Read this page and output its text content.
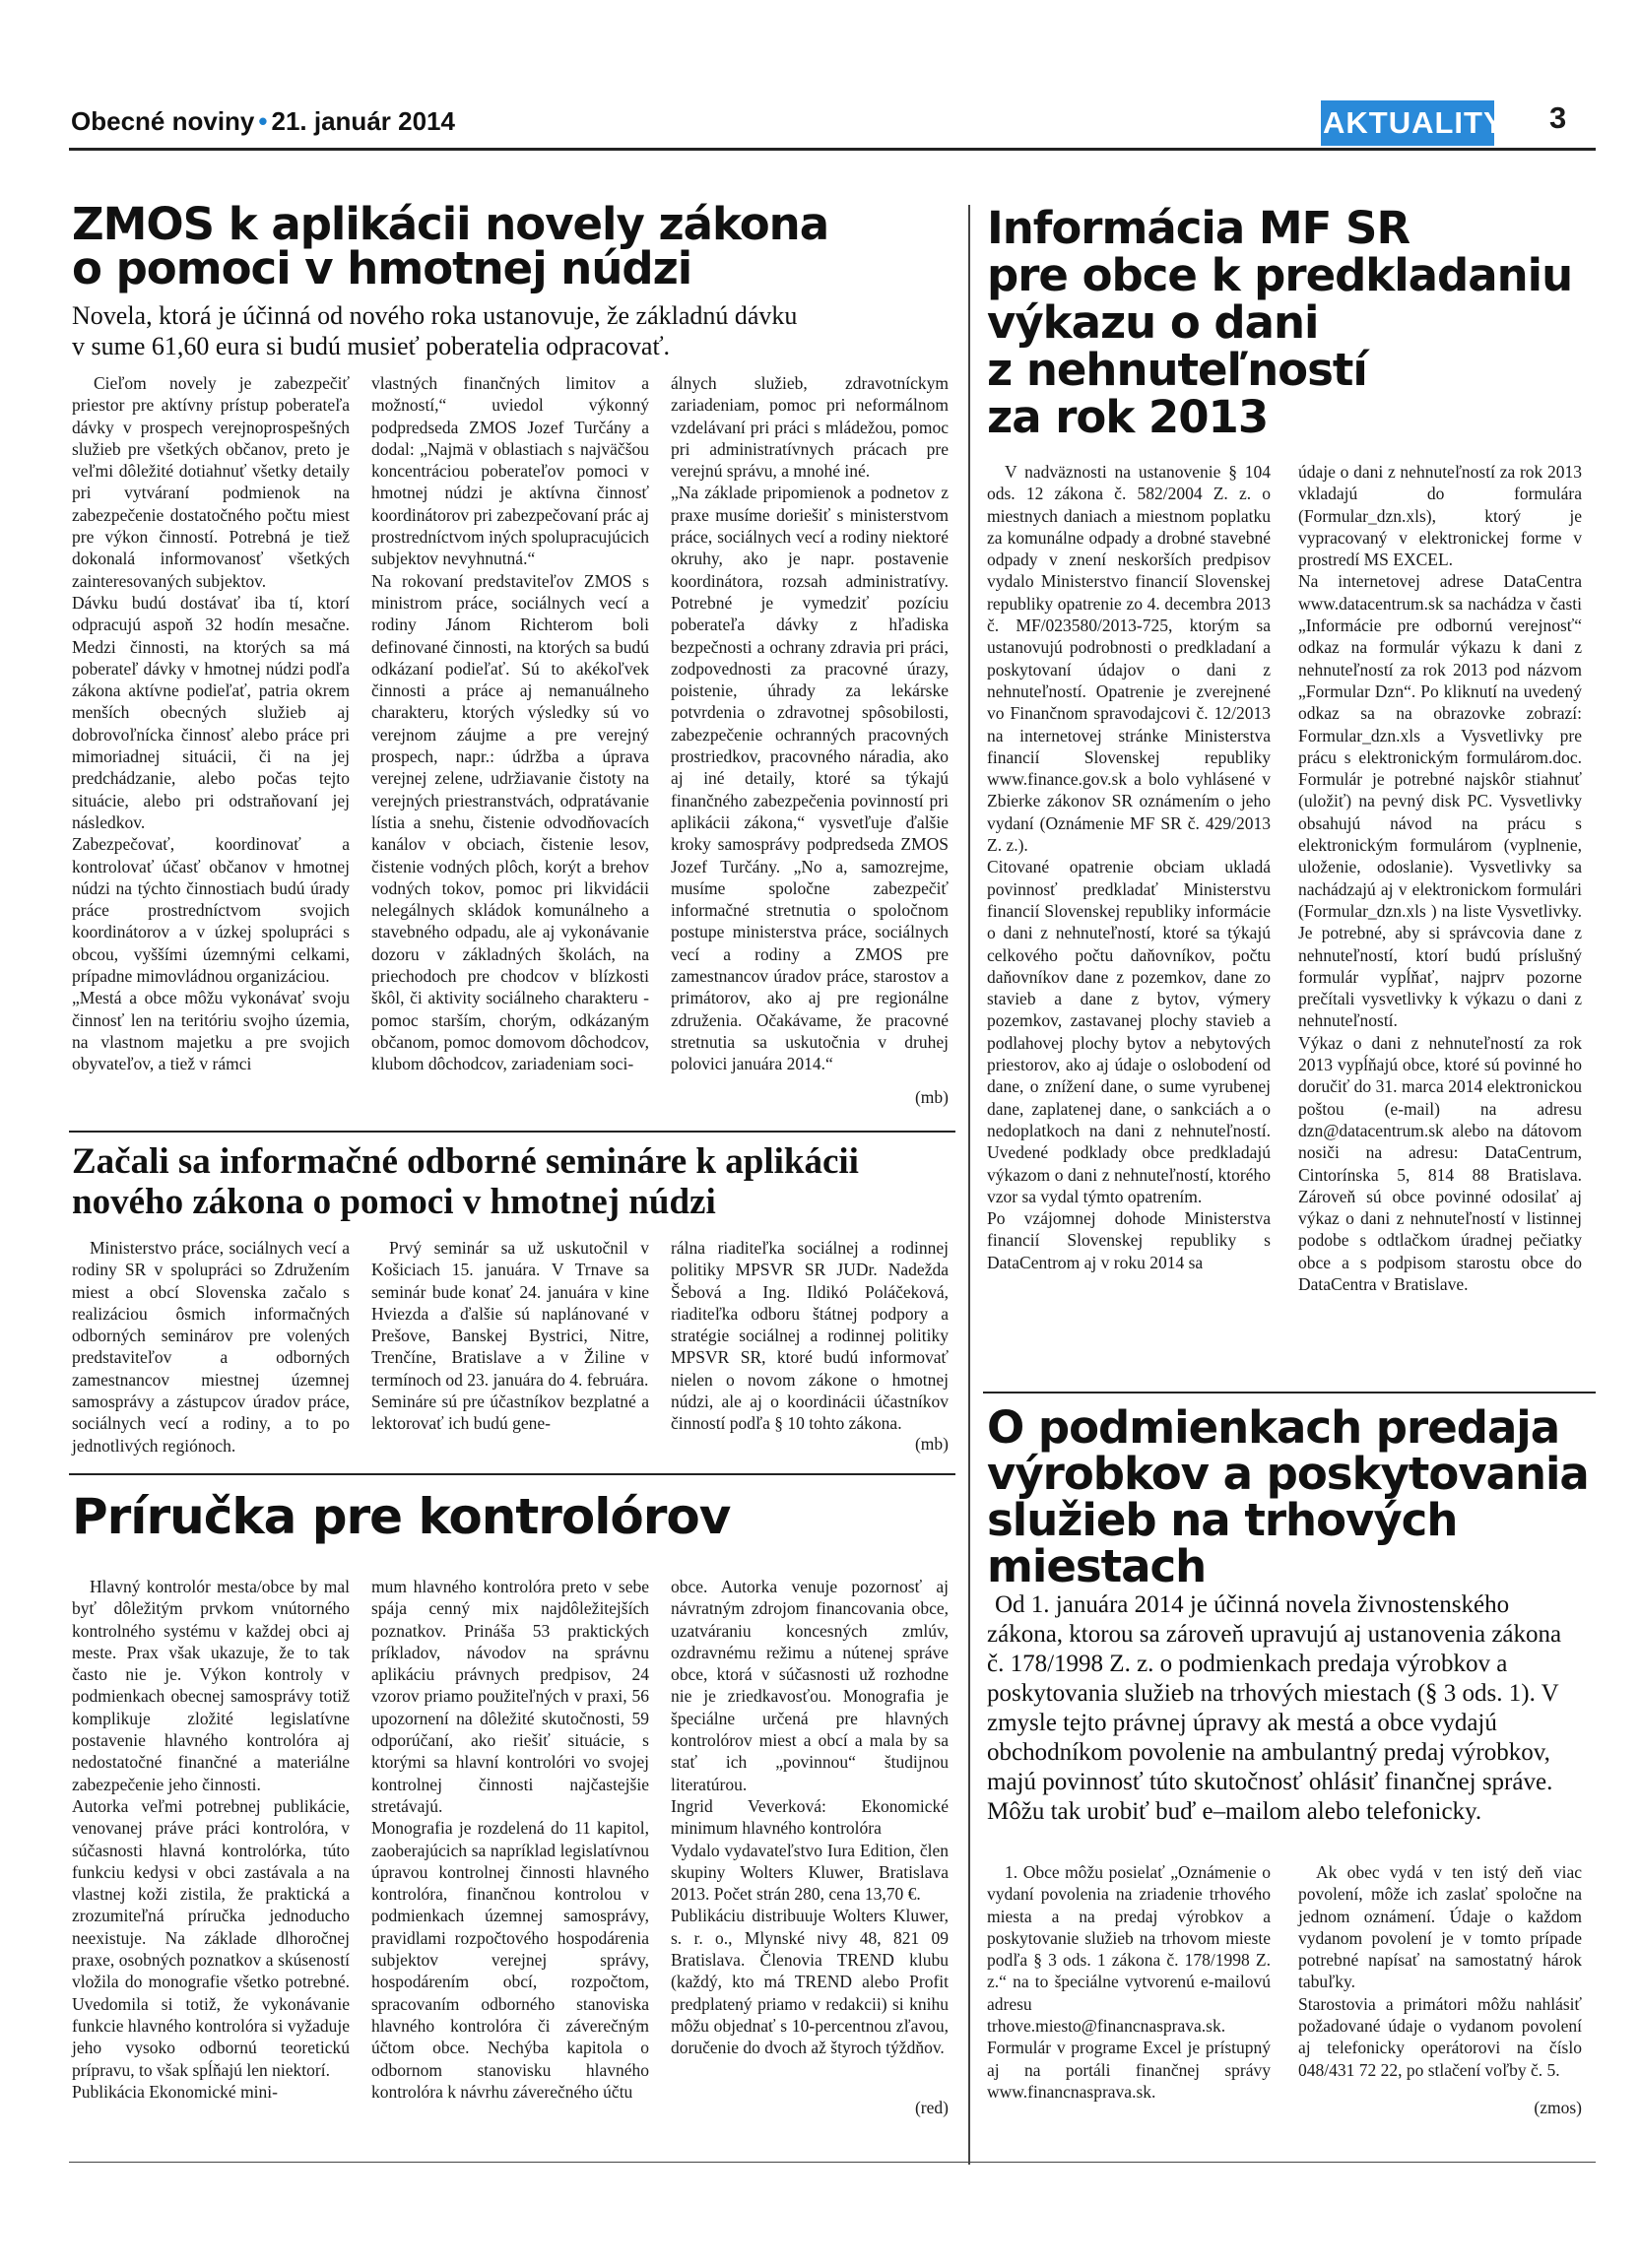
Obecné noviny • 21. január 2014	AKTUALITY 3
ZMOS k aplikácii novely zákona
o pomoci v hmotnej núdzi
Novela, ktorá je účinná od nového roka ustanovuje, že základnú dávku
v sume 61,60 eura si budú musieť poberatelia odpracovať.
Cieľom novely je zabezpečiť priestor pre aktívny prístup poberateľa dávky v prospech verejnoprospešných služieb pre všetkých občanov, preto je veľmi dôležité dotiahnuť všetky detaily pri vytváraní podmienok na zabezpečenie dostatočného počtu miest pre výkon činností. Potrebná je tiež dokonalá informovanosť všetkých zainteresovaných subjektov.
Dávku budú dostávať iba tí, ktorí odpracujú aspoň 32 hodín mesačne. Medzi činnosti, na ktorých sa má poberateľ dávky v hmotnej núdzi podľa zákona aktívne podieľať, patria okrem menších obecných služieb aj dobrovoľnícka činnosť alebo práce pri mimoriadnej situácii, či na jej predchádzanie, alebo počas tejto situácie, alebo pri odstraňovaní jej následkov.
Zabezpečovať, koordinovať a kontrolovať účasť občanov v hmotnej núdzi na týchto činnostiach budú úrady práce prostredníctvom svojich koordinátorov a v úzkej spolupráci s obcou, vyššími územnými celkami, prípadne mimovládnou organizáciou.
„Mestá a obce môžu vykonávať svoju činnosť len na teritóriu svojho územia, na vlastnom majetku a pre svojich obyvateľov, a tiež v rámci
vlastných finančných limitov a možností,“ uviedol výkonný podpredseda ZMOS Jozef Turčány a dodal: „Najmä v oblastiach s najväčšou koncentráciou poberateľov pomoci v hmotnej núdzi je aktívna činnosť koordinátorov pri zabezpečovaní prác aj prostredníctvom iných spolupracujúcich subjektov nevyhnutná.“
Na rokovaní predstaviteľov ZMOS s ministrom práce, sociálnych vecí a rodiny Jánom Richterom boli definované činnosti, na ktorých sa budú odkázaní podieľať. Sú to akékoľvek činnosti a práce aj nemanuálneho charakteru, ktorých výsledky sú vo verejnom záujme a pre verejný prospech, napr.: údržba a úprava verejnej zelene, udržiavanie čistoty na verejných priestranstvách, odpratávanie lístia a snehu, čistenie odvodňovacích kanálov v obciach, čistenie lesov, čistenie vodných plôch, korýt a brehov vodných tokov, pomoc pri likvidácii nelegálnych skládok komunálneho a stavebného odpadu, ale aj vykonávanie dozoru v základných školách, na priechodoch pre chodcov v blízkosti škôl, či aktivity sociálneho charakteru - pomoc starším, chorým, odkázaným občanom, pomoc domovom dôchodcov, klubom dôchodcov, zariadeniam soci-
álnych služieb, zdravotníckym zariadeniam, pomoc pri neformálnom vzdelávaní pri práci s mládežou, pomoc pri administratívnych prácach pre verejnú správu, a mnohé iné.
„Na základe pripomienok a podnetov z praxe musíme doriešiť s ministerstvom práce, sociálnych vecí a rodiny niektoré okruhy, ako je napr. postavenie koordinátora, rozsah administratívy. Potrebné je vymedziť pozíciu poberateľa dávky z hľadiska bezpečnosti a ochrany zdravia pri práci, zodpovednosti za pracovné úrazy, poistenie, úhrady za lekárske potvrdenia o zdravotnej spôsobilosti, zabezpečenie ochranných pracovných prostriedkov, pracovného náradia, ako aj iné detaily, ktoré sa týkajú finančného zabezpečenia povinností pri aplikácii zákona,“ vysvetľuje ďalšie kroky samosprávy podpredseda ZMOS Jozef Turčány. „No a, samozrejme, musíme spoločne zabezpečiť informačné stretnutia o spoločnom postupe ministerstva práce, sociálnych vecí a rodiny a ZMOS pre zamestnancov úradov práce, starostov a primátorov, ako aj pre regionálne združenia. Očakávame, že pracovné stretnutia sa uskutočnia v druhej polovici januára 2014.“
(mb)
Začali sa informačné odborné semináre k aplikácii
nového zákona o pomoci v hmotnej núdzi
Ministerstvo práce, sociálnych vecí a rodiny SR v spolupráci so Združením miest a obcí Slovenska začalo s realizáciou ôsmich informačných odborných seminárov pre volených predstaviteľov a odborných zamestnancov miestnej územnej samosprávy a zástupcov úradov práce, sociálnych vecí a rodiny, a to po jednotlivých regiónoch.
Prvý seminár sa už uskutočnil v Košiciach 15. januára. V Trnave sa seminár bude konať 24. januára v kine Hviezda a ďalšie sú naplánované v Prešove, Banskej Bystrici, Nitre, Trenčíne, Bratislave a v Žiline v termínoch od 23. januára do 4. februára.
Semináre sú pre účastníkov bezplatné a lektorovať ich budú gene-
rálna riaditeľka sociálnej a rodinnej politiky MPSVR SR JUDr. Nadežda Šebová a Ing. Ildikó Poláčeková, riaditeľka odboru štátnej podpory a stratégie sociálnej a rodinnej politiky MPSVR SR, ktoré budú informovať nielen o novom zákone o hmotnej núdzi, ale aj o koordinácii účastníkov činností podľa § 10 tohto zákona.
(mb)
Príručka pre kontrolórov
Hlavný kontrolór mesta/obce by mal byť dôležitým prvkom vnútorného kontrolného systému v každej obci aj meste. Prax však ukazuje, že to tak často nie je. Výkon kontroly v podmienkach obecnej samosprávy totiž komplikuje zložité legislatívne postavenie hlavného kontrolóra aj nedostatočné finančné a materiálne zabezpečenie jeho činnosti.
Autorka veľmi potrebnej publikácie, venovanej práve práci kontrolóra, v súčasnosti hlavná kontrolórka, túto funkciu kedysi v obci zastávala a na vlastnej koži zistila, že praktická a zrozumiteľná príručka jednoducho neexistuje. Na základe dlhoročnej praxe, osobných poznatkov a skúseností vložila do monografie všetko potrebné. Uvedomila si totiž, že vykonávanie funkcie hlavného kontrolóra si vyžaduje jeho vysoko odbornú teoretickú prípravu, to však spĺňajú len niektorí.
Publikácia Ekonomické mini-
mum hlavného kontrolóra preto v sebe spája cenný mix najdôležitejších poznatkov. Prináša 53 praktických príkladov, návodov na správnu aplikáciu právnych predpisov, 24 vzorov priamo použiteľných v praxi, 56 upozornení na dôležité skutočnosti, 59 odporúčaní, ako riešiť situácie, s ktorými sa hlavní kontrolóri vo svojej kontrolnej činnosti najčastejšie stretávajú.
Monografia je rozdelená do 11 kapitol, zaoberajúcich sa napríklad legislatívnou úpravou kontrolnej činnosti hlavného kontrolóra, finančnou kontrolou v podmienkach územnej samosprávy, pravidlami rozpočtového hospodárenia subjektov verejnej správy, hospodárením obcí, rozpočtom, spracovaním odborného stanoviska hlavného kontrolóra či záverečným účtom obce. Nechýba kapitola o odbornom stanovisku hlavného kontrolóra k návrhu záverečného účtu
obce. Autorka venuje pozornosť aj návratným zdrojom financovania obce, uzatváraniu koncesných zmlúv, ozdravnému režimu a nútenej správe obce, ktorá v súčasnosti už rozhodne nie je zriedkavosťou. Monografia je špeciálne určená pre hlavných kontrolórov miest a obcí a mala by sa stať ich „povinnou“ študijnou literatúrou.
Ingrid Veverková: Ekonomické minimum hlavného kontrolóra
Vydalo vydavateľstvo Iura Edition, člen skupiny Wolters Kluwer, Bratislava 2013. Počet strán 280, cena 13,70 €.
Publikáciu distribuuje Wolters Kluwer, s. r. o., Mlynské nivy 48, 821 09 Bratislava. Členovia TREND klubu (každý, kto má TREND alebo Profit predplatený priamo v redakcii) si knihu môžu objednať s 10-percentnou zľavou, doručenie do dvoch až štyroch týždňov.
(red)
Informácia MF SR
pre obce k predkladaniu
výkazu o dani
z nehnuteľností
za rok 2013
V nadväznosti na ustanovenie § 104 ods. 12 zákona č. 582/2004 Z. z. o miestnych daniach a miestnom poplatku za komunálne odpady a drobné stavebné odpady v znení neskorších predpisov vydalo Ministerstvo financií Slovenskej republiky opatrenie zo 4. decembra 2013 č. MF/023580/2013-725, ktorým sa ustanovujú podrobnosti o predkladaní a poskytovaní údajov o dani z nehnuteľností. Opatrenie je zverejnené vo Finančnom spravodajcovi č. 12/2013 na internetovej stránke Ministerstva financií Slovenskej republiky www.finance.gov.sk a bolo vyhlásené v Zbierke zákonov SR oznámením o jeho vydaní (Oznámenie MF SR č. 429/2013 Z. z.).
Citované opatrenie obciam ukladá povinnosť predkladať Ministerstvu financií Slovenskej republiky informácie o dani z nehnuteľností, ktoré sa týkajú celkového počtu daňovníkov, počtu daňovníkov dane z pozemkov, dane zo stavieb a dane z bytov, výmery pozemkov, zastavanej plochy stavieb a podlahovej plochy bytov a nebytových priestorov, ako aj údaje o oslobodení od dane, o znížení dane, o sume vyrubenej dane, zaplatenej dane, o sankciách a o nedoplatkoch na dani z nehnuteľností. Uvedené podklady obce predkladajú výkazom o dani z nehnuteľností, ktorého vzor sa vydal týmto opatrením.
Po vzájomnej dohode Ministerstva financií Slovenskej republiky s DataCentrom aj v roku 2014 sa
údaje o dani z nehnuteľností za rok 2013 vkladajú do formulára (Formular_dzn.xls), ktorý je vypracovaný v elektronickej forme v prostredí MS EXCEL.
Na internetovej adrese DataCentra www.datacentrum.sk sa nachádza v časti „Informácie pre odbornú verejnosť“ odkaz na formulár výkazu k dani z nehnuteľností za rok 2013 pod názvom „Formular Dzn“. Po kliknutí na uvedený odkaz sa na obrazovke zobrazí: Formular_dzn.xls a Vysvetlivky pre prácu s elektronickým formulárom.doc. Formulár je potrebné najskôr stiahnuť (uložiť) na pevný disk PC. Vysvetlivky obsahujú návod na prácu s elektronickým formulárom (vyplnenie, uloženie, odoslanie). Vysvetlivky sa nachádzajú aj v elektronickom formulári (Formular_dzn.xls ) na liste Vysvetlivky. Je potrebné, aby si správcovia dane z nehnuteľností, ktorí budú príslušný formulár vypĺňať, najprv pozorne prečítali vysvetlivky k výkazu o dani z nehnuteľností.
Výkaz o dani z nehnuteľností za rok 2013 vypĺňajú obce, ktoré sú povinné ho doručiť do 31. marca 2014 elektronickou poštou (e-mail) na adresu dzn@datacentrum.sk alebo na dátovom nosiči na adresu: DataCentrum, Cintorínska 5, 814 88 Bratislava. Zároveň sú obce povinné odosilať aj výkaz o dani z nehnuteľností v listinnej podobe s odtlačkom úradnej pečiatky obce a s podpisom starostu obce do DataCentra v Bratislave.
O podmienkach predaja
výrobkov a poskytovania
služieb na trhových
miestach
Od 1. januára 2014 je účinná novela živnostenského zákona, ktorou sa zároveň upravujú aj ustanovenia zákona č. 178/1998 Z. z. o podmienkach predaja výrobkov a poskytovania služieb na trhových miestach (§ 3 ods. 1). V zmysle tejto právnej úpravy ak mestá a obce vydajú obchodníkom povolenie na ambulantný predaj výrobkov, majú povinnosť túto skutočnosť ohlásiť finančnej správe. Môžu tak urobiť buď e–mailom alebo telefonicky.
1. Obce môžu posielať „Oznámenie o vydaní povolenia na zriadenie trhového miesta a na predaj výrobkov a poskytovanie služieb na trhovom mieste podľa § 3 ods. 1 zákona č. 178/1998 Z. z.“ na to špeciálne vytvorenú e-mailovú adresu trhove.miesto@financnasprava.sk.
Formulár v programe Excel je prístupný aj na portáli finančnej správy www.financnasprava.sk.
Ak obec vydá v ten istý deň viac povolení, môže ich zaslať spoločne na jednom oznámení. Údaje o každom vydanom povolení je v tomto prípade potrebné napísať na samostatný hárok tabuľky.
Starostovia a primátori môžu nahlásiť požadované údaje o vydanom povolení aj telefonicky operátorovi na číslo 048/431 72 22, po stlačení voľby č. 5.
(zmos)
